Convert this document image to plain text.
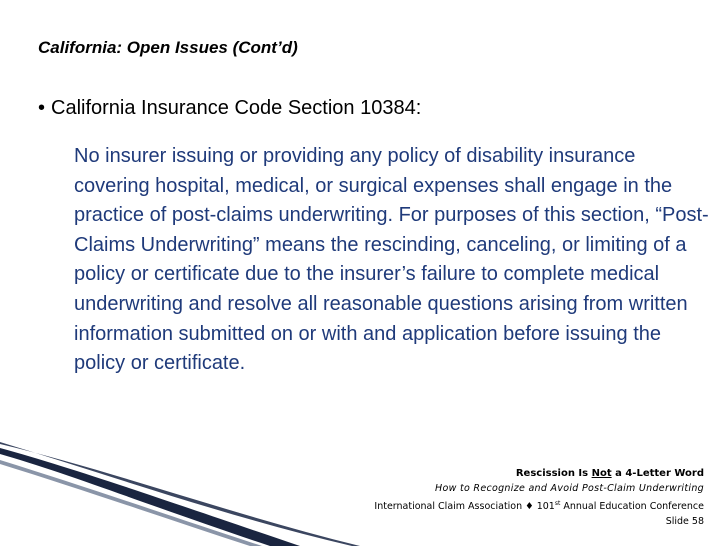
California: Open Issues (Cont’d)
• California Insurance Code Section 10384:

No insurer issuing or providing any policy of disability insurance covering hospital, medical, or surgical expenses shall engage in the practice of post-claims underwriting. For purposes of this section, “Post-Claims Underwriting” means the rescinding, canceling, or limiting of a policy or certificate due to the insurer’s failure to complete medical underwriting and resolve all reasonable questions arising from written information submitted on or with and application before issuing the policy or certificate.

Rescission Is Not a 4-Letter Word
How to Recognize and Avoid Post-Claim Underwriting
International Claim Association ♦ 101st Annual Education Conference
Slide 58
